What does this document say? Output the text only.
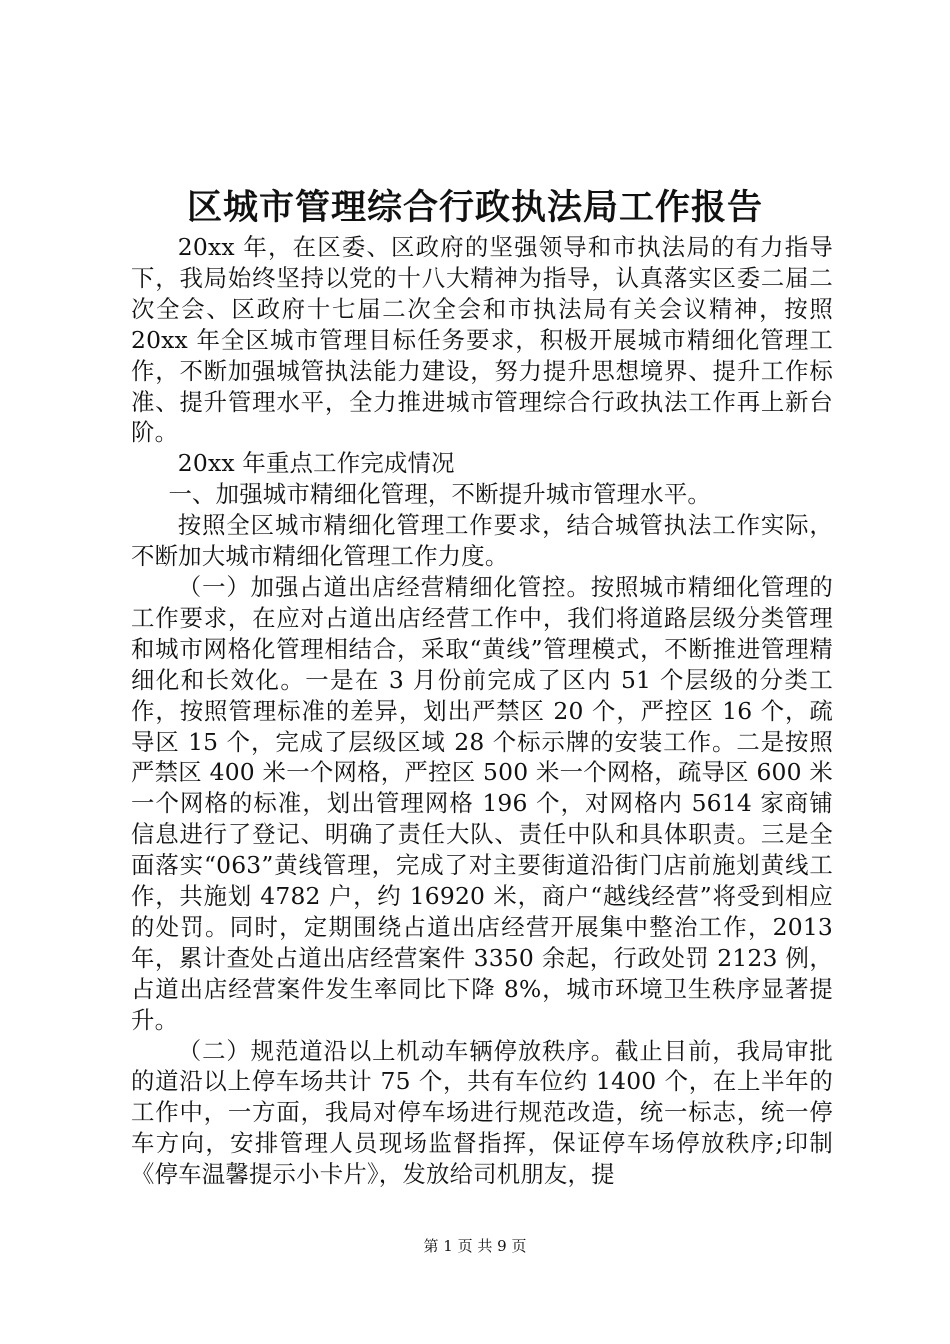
区城市管理综合行政执法局工作报告

20xx 年，在区委、区政府的坚强领导和市执法局的有力指导下，我局始终坚持以党的十八大精神为指导，认真落实区委二届二次全会、区政府十七届二次全会和市执法局有关会议精神，按照 20xx 年全区城市管理目标任务要求，积极开展城市精细化管理工作，不断加强城管执法能力建设，努力提升思想境界、提升工作标准、提升管理水平，全力推进城市管理综合行政执法工作再上新台阶。

20xx 年重点工作完成情况

一、加强城市精细化管理，不断提升城市管理水平。

按照全区城市精细化管理工作要求，结合城管执法工作实际，不断加大城市精细化管理工作力度。

（一）加强占道出店经营精细化管控。按照城市精细化管理的工作要求，在应对占道出店经营工作中，我们将道路层级分类管理和城市网格化管理相结合，采取“黄线”管理模式，不断推进管理精细化和长效化。一是在 3 月份前完成了区内 51 个层级的分类工作，按照管理标准的差异，划出严禁区 20 个，严控区 16 个，疏导区 15 个，完成了层级区域 28 个标示牌的安装工作。二是按照严禁区 400 米一个网格，严控区 500 米一个网格，疏导区 600 米一个网格的标准，划出管理网格 196 个，对网格内 5614 家商铺信息进行了登记、明确了责任大队、责任中队和具体职责。三是全面落实“063”黄线管理，完成了对主要街道沿街门店前施划黄线工作，共施划 4782 户，约 16920 米，商户“越线经营”将受到相应的处罚。同时，定期围绕占道出店经营开展集中整治工作，2013 年，累计查处占道出店经营案件 3350 余起，行政处罚 2123 例，占道出店经营案件发生率同比下降 8%，城市环境卫生秩序显著提升。

（二）规范道沿以上机动车辆停放秩序。截止目前，我局审批的道沿以上停车场共计 75 个，共有车位约 1400 个，在上半年的工作中，一方面，我局对停车场进行规范改造，统一标志，统一停车方向，安排管理人员现场监督指挥，保证停车场停放秩序;印制《停车温馨提示小卡片》，发放给司机朋友，提

第 1 页 共 9 页
